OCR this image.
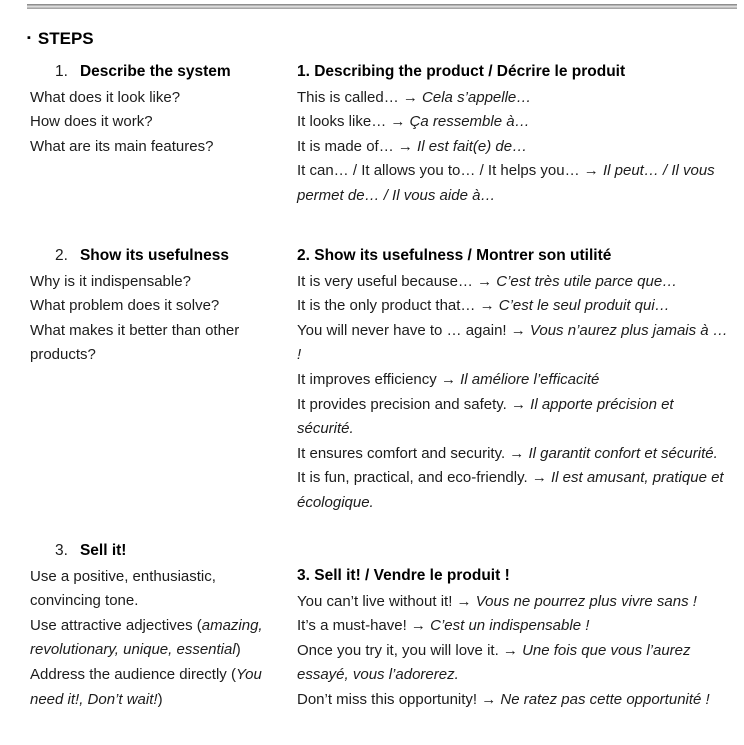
▪ STEPS

1. Describe the system

What does it look like?

How does it work?

What are its main features?

1. Describing the product / Décrire le produit

This is called… → Cela s’appelle…

It looks like… → Ça ressemble à…

It is made of… → Il est fait(e) de…

It can… / It allows you to… / It helps you… → Il peut… / Il vous permet de… / Il vous aide à…

2. Show its usefulness

Why is it indispensable?

What problem does it solve?

What makes it better than other products?

2. Show its usefulness / Montrer son utilité

It is very useful because… → C’est très utile parce que…

It is the only product that… → C’est le seul produit qui…

You will never have to … again! → Vous n’aurez plus jamais à … !

It improves efficiency → Il améliore l’efficacité

It provides precision and safety. → Il apporte précision et sécurité.

It ensures comfort and security. → Il garantit confort et sécurité.

It is fun, practical, and eco-friendly. → Il est amusant, pratique et écologique.

3. Sell it!

Use a positive, enthusiastic, convincing tone.

Use attractive adjectives (amazing, revolutionary, unique, essential)

Address the audience directly (You need it!, Don’t wait!)

3. Sell it! / Vendre le produit !

You can’t live without it! → Vous ne pourrez plus vivre sans !

It’s a must-have! → C’est un indispensable !

Once you try it, you will love it. → Une fois que vous l’aurez essayé, vous l’adorerez.

Don’t miss this opportunity! → Ne ratez pas cette opportunité !
